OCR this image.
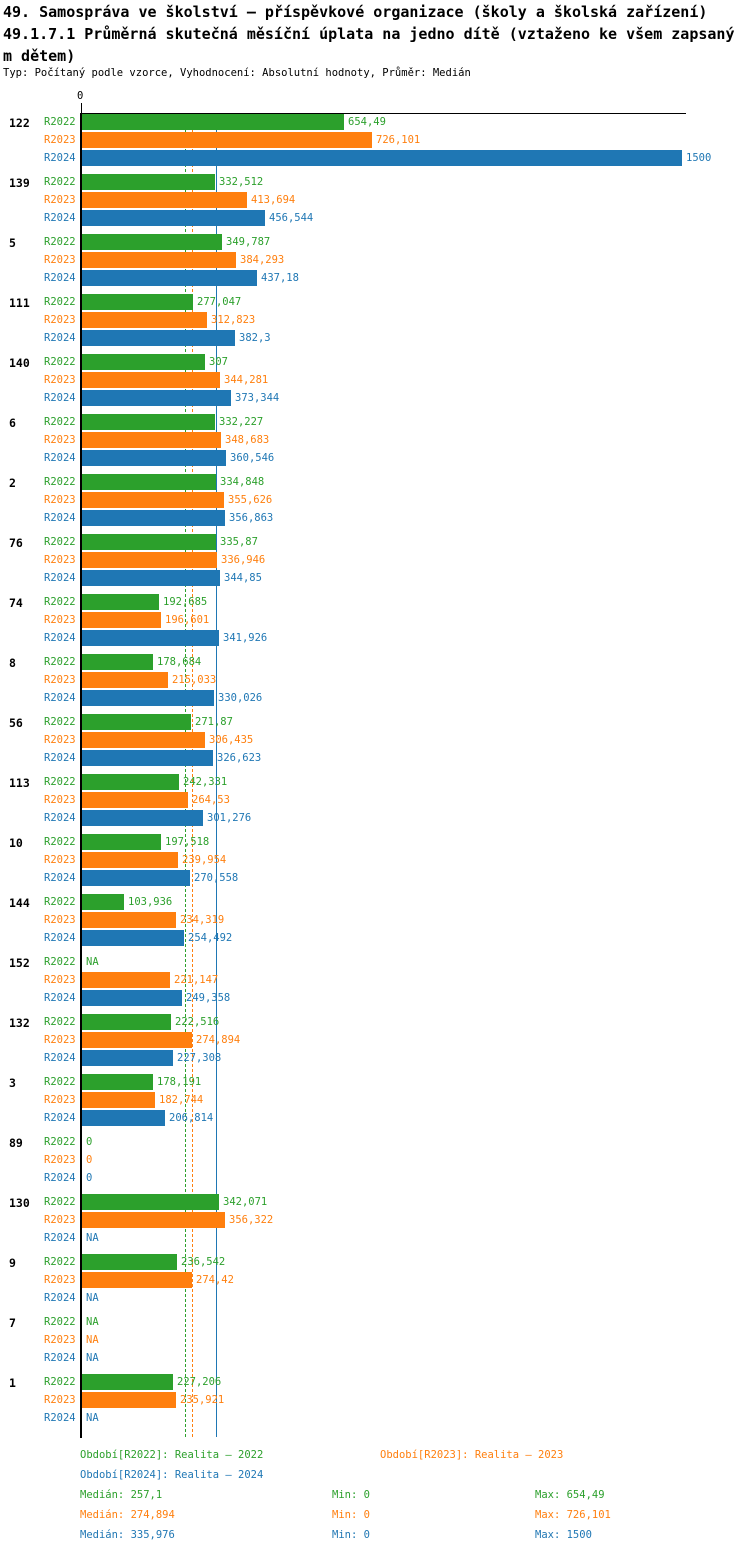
49. Samospráva ve školství – příspěvkové organizace (školy a školská zařízení)
49.1.7.1 Průměrná skutečná měsíční úplata na jedno dítě (vztaženo ke všem zapsaný
m dětem)
Typ: Počítaný podle vzorce, Vyhodnocení: Absolutní hodnoty, Průměr: Medián
0
122 R2022	654,49
R2023	726,101
R2024	1500
139 R2022	332,512
R2023	413,694
R2024	456,544
5	R2022	349,787
R2023	384,293
R2024	437,18
111 R2022	277,047
R2023	312,823
R2024	382,3
140 R2022	307
R2023	344,281
R2024	373,344
6	R2022	332,227
R2023	348,683
R2024	360,546
2	R2022	334,848
R2023	355,626
R2024	356,863
76 R2022	335,87
R2023	336,946
R2024	344,85
74 R2022	192,685
R2023	196,601
R2024	341,926
8	R2022	178,684
R2023	215,033
R2024	330,026
56 R2022	271,87
R2023	306,435
R2024	326,623
113 R2022	242,331
R2023	264,53
R2024	301,276
10 R2022	197,518
R2023	239,954
R2024	270,558
144 R2022	103,936
R2023	234,319
R2024	254,492
152 R2022 NA
R2023	221,147
R2024	249,358
132 R2022	222,516
R2023	274,894
R2024	227,308
3	R2022	178,191
R2023	182,744
R2024	206,814
89 R2022 0
R2023 0
R2024 0
130 R2022	342,071
R2023	356,322
R2024 NA
9	R2022	236,542
R2023	274,42
R2024 NA
7	R2022 NA
R2023 NA
R2024 NA
1	R2022	227,206
R2023	235,921
R2024 NA
Období[R2022]: Realita – 2022	Období[R2023]: Realita – 2023
Období[R2024]: Realita – 2024
Medián: 257,1	Min: 0	Max: 654,49
Medián: 274,894	Min: 0	Max: 726,101
Medián: 335,976	Min: 0	Max: 1500
